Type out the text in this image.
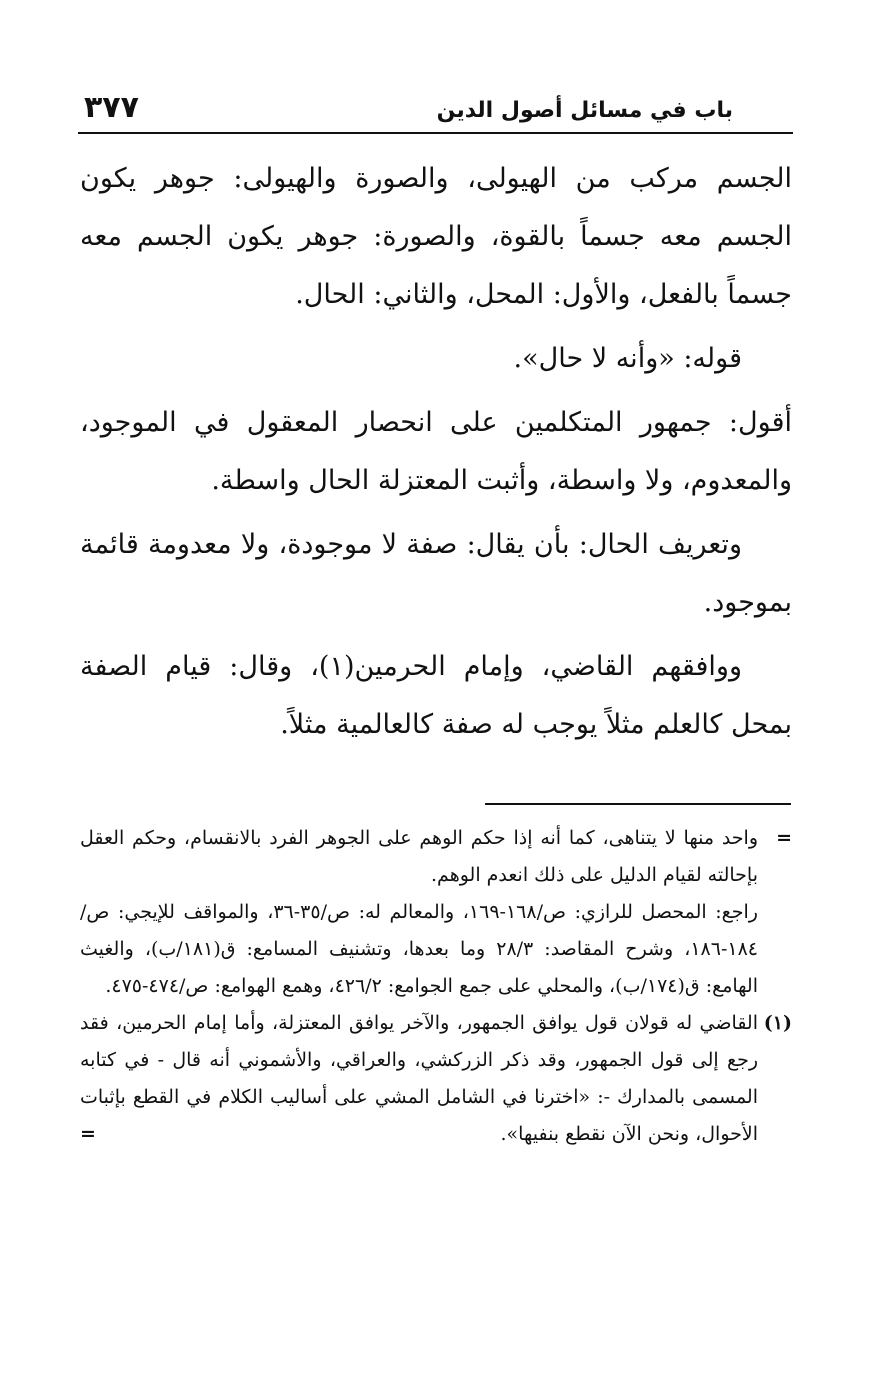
باب في مسائل أصول الدين
٣٧٧

الجسم مركب من الهيولى، والصورة والهيولى: جوهر يكون الجسم معه جسماً بالقوة، والصورة: جوهر يكون الجسم معه جسماً بالفعل، والأول: المحل، والثاني: الحال.

قوله: «وأنه لا حال».

أقول: جمهور المتكلمين على انحصار المعقول في الموجود، والمعدوم، ولا واسطة، وأثبت المعتزلة الحال واسطة.

وتعريف الحال: بأن يقال: صفة لا موجودة، ولا معدومة قائمة بموجود.

ووافقهم القاضي، وإمام الحرمين(١)، وقال: قيام الصفة بمحل كالعلم مثلاً يوجب له صفة كالعالمية مثلاً.

=

واحد منها لا يتناهى، كما أنه إذا حكم الوهم على الجوهر الفرد بالانقسام، وحكم العقل بإحالته لقيام الدليل على ذلك انعدم الوهم.

راجع: المحصل للرازي: ص/١٦٨-١٦٩، والمعالم له: ص/٣٥-٣٦، والمواقف للإيجي: ص/١٨٤-١٨٦، وشرح المقاصد: ٢٨/٣ وما بعدها، وتشنيف المسامع: ق(١٨١/ب)، والغيث الهامع: ق(١٧٤/ب)، والمحلي على جمع الجوامع: ٤٢٦/٢، وهمع الهوامع: ص/٤٧٤-٤٧٥.

(١)

القاضي له قولان قول يوافق الجمهور، والآخر يوافق المعتزلة، وأما إمام الحرمين، فقد رجع إلى قول الجمهور، وقد ذكر الزركشي، والعراقي، والأشموني أنه قال - في كتابه المسمى بالمدارك -: «اخترنا في الشامل المشي على أساليب الكلام في القطع بإثبات الأحوال، ونحن الآن نقطع بنفيها».

=
